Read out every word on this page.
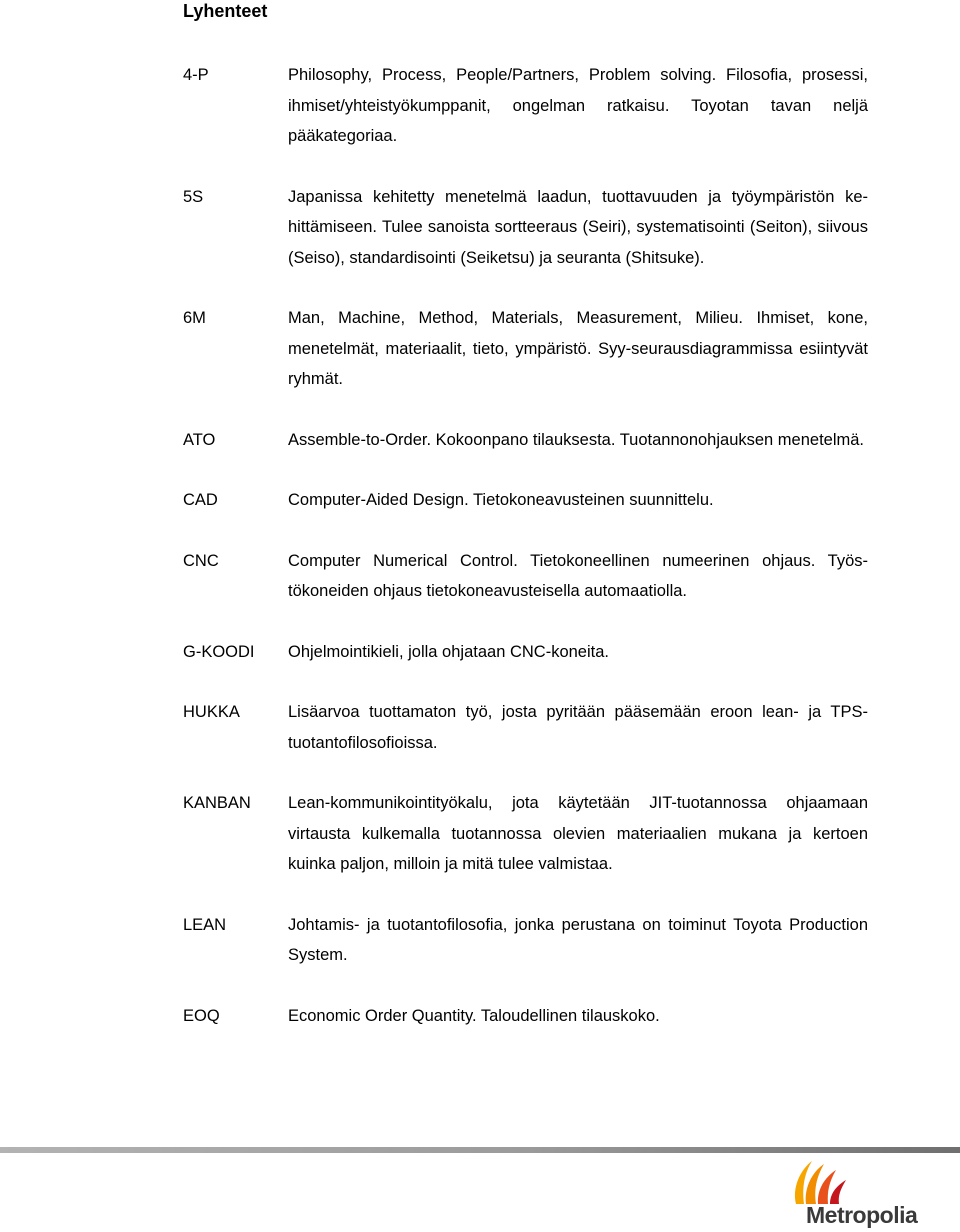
Lyhenteet
4-P	Philosophy, Process, People/Partners, Problem solving. Filosofia, prosessi, ihmiset/yhteistyökumppanit, ongelman ratkaisu. Toyotan tavan neljä pääkategoriaa.
5S	Japanissa kehitetty menetelmä laadun, tuottavuuden ja työympäristön kehittämiseen. Tulee sanoista sortteeraus (Seiri), systematisointi (Seiton), siivous (Seiso), standardisointi (Seiketsu) ja seuranta (Shitsuke).
6M	Man, Machine, Method, Materials, Measurement, Milieu. Ihmiset, kone, menetelmät, materiaalit, tieto, ympäristö. Syy-seurausdiagrammissa esiintyvät ryhmät.
ATO	Assemble-to-Order. Kokoonpano tilauksesta. Tuotannonohjauksen menetelmä.
CAD	Computer-Aided Design. Tietokoneavusteinen suunnittelu.
CNC	Computer Numerical Control. Tietokoneellinen numeerinen ohjaus. Työstökoneiden ohjaus tietokoneavusteisella automaatiolla.
G-KOODI	Ohjelmointikieli, jolla ohjataan CNC-koneita.
HUKKA	Lisäarvoa tuottamaton työ, josta pyritään pääsemään eroon lean- ja TPS-tuotantofilosofioissa.
KANBAN	Lean-kommunikointityökalu, jota käytetään JIT-tuotannossa ohjaamaan virtausta kulkemalla tuotannossa olevien materiaalien mukana ja kertoen kuinka paljon, milloin ja mitä tulee valmistaa.
LEAN	Johtamis- ja tuotantofilosofia, jonka perustana on toiminut Toyota Production System.
EOQ	Economic Order Quantity. Taloudellinen tilauskoko.
Metropolia
